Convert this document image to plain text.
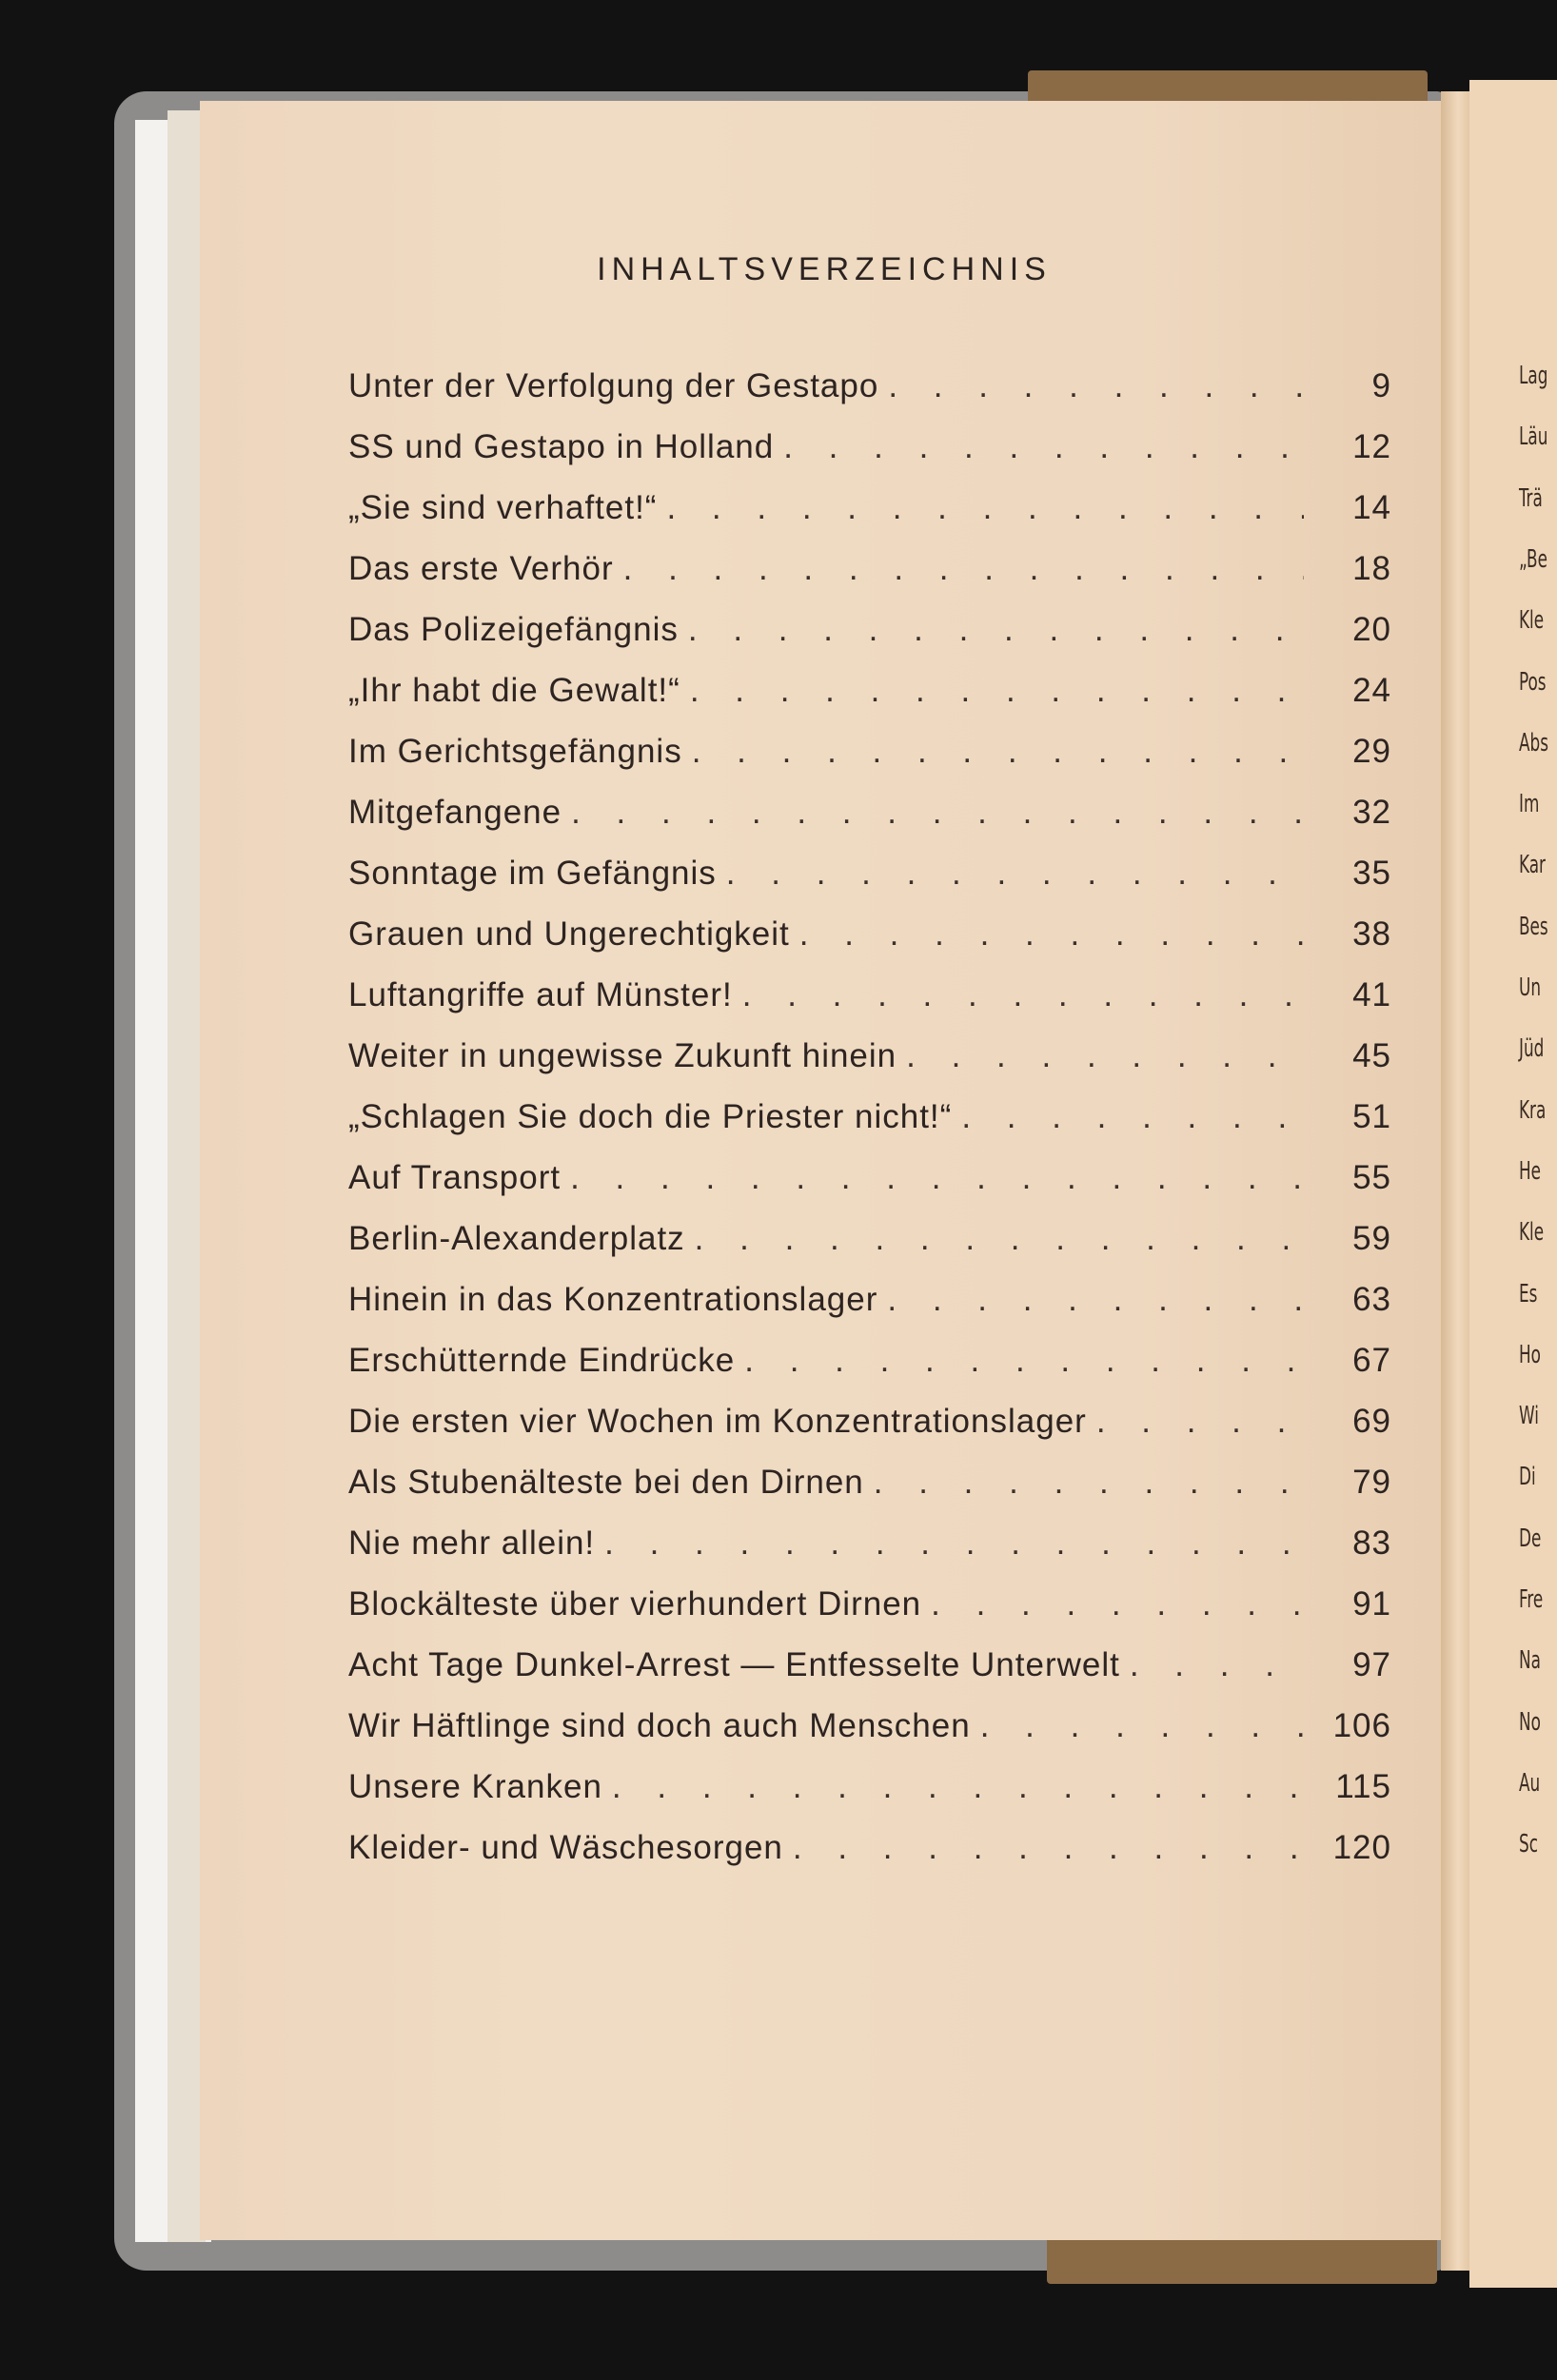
Lag
Läu
Trä
„Be
Kle
Pos
Abs
Im
Kar
Bes
Un
Jüd
Kra
He
Kle
Es
Ho
Wi
Di
De
Fre
Na
No
Au
Sc
INHALTSVERZEICHNIS
Unter der Verfolgung der Gestapo . . .	9
SS und Gestapo in Holland . . .	12
„Sie sind verhaftet!“ . . .	14
Das erste Verhör . . .	18
Das Polizeigefängnis . . .	20
„Ihr habt die Gewalt!“ . . .	24
Im Gerichtsgefängnis . . .	29
Mitgefangene . . .	32
Sonntage im Gefängnis . . .	35
Grauen und Ungerechtigkeit . . .	38
Luftangriffe auf Münster! . . .	41
Weiter in ungewisse Zukunft hinein . . .	45
„Schlagen Sie doch die Priester nicht!“ . . .	51
Auf Transport . . .	55
Berlin-Alexanderplatz . . .	59
Hinein in das Konzentrationslager . . .	63
Erschütternde Eindrücke . . .	67
Die ersten vier Wochen im Konzentrationslager . . .	69
Als Stubenälteste bei den Dirnen . . .	79
Nie mehr allein! . . .	83
Blockälteste über vierhundert Dirnen . . .	91
Acht Tage Dunkel-Arrest — Entfesselte Unterwelt . . .	97
Wir Häftlinge sind doch auch Menschen . . .	106
Unsere Kranken . . .	115
Kleider- und Wäschesorgen . . .	120
